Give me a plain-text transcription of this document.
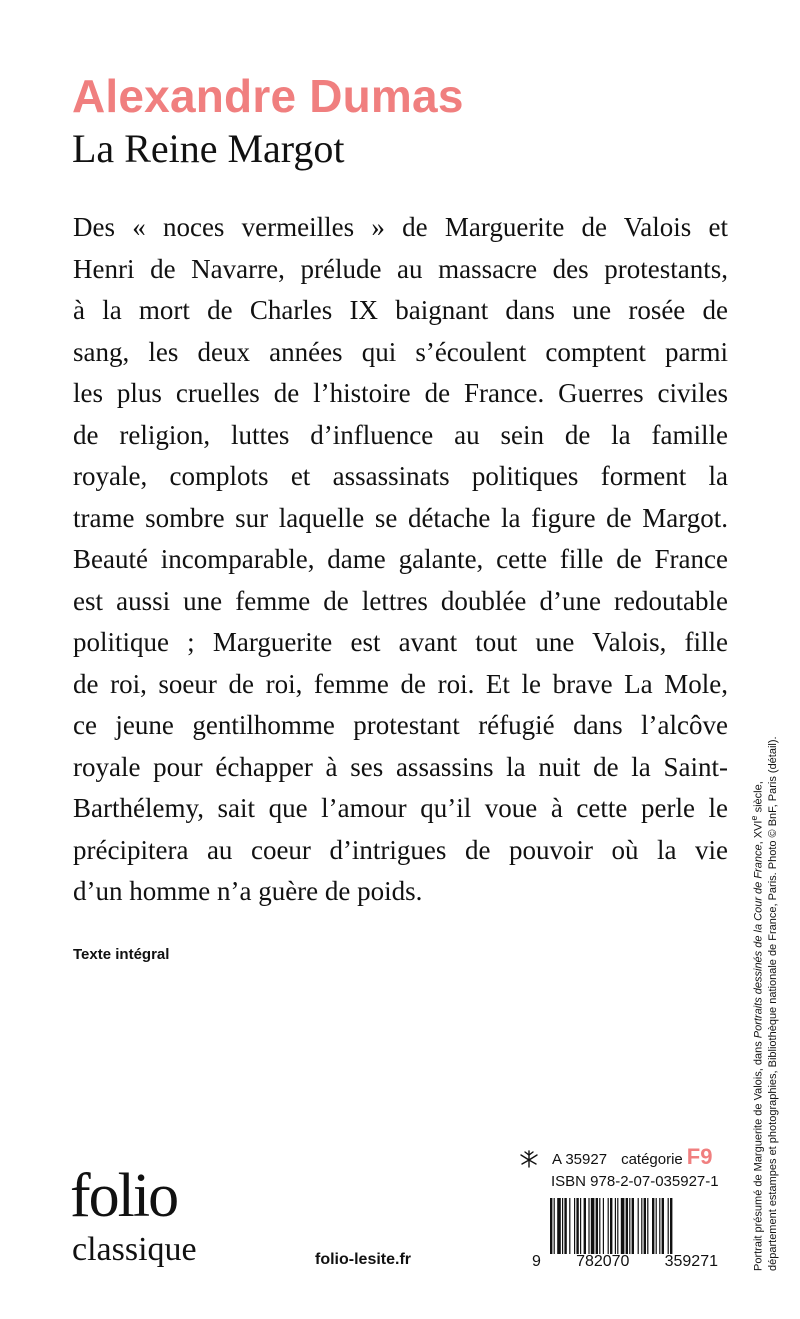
Alexandre Dumas
La Reine Margot
Des « noces vermeilles » de Marguerite de Valois et
Henri de Navarre, prélude au massacre des protestants,
à la mort de Charles IX baignant dans une rosée de
sang, les deux années qui s’écoulent comptent parmi
les plus cruelles de l’histoire de France. Guerres civiles
de religion, luttes d’influence au sein de la famille
royale, complots et assassinats politiques forment la
trame sombre sur laquelle se détache la figure de Margot.
Beauté incomparable, dame galante, cette fille de France
est aussi une femme de lettres doublée d’une redoutable
politique ; Marguerite est avant tout une Valois, fille
de roi, soeur de roi, femme de roi. Et le brave La Mole,
ce jeune gentilhomme protestant réfugié dans l’alcôve
royale pour échapper à ses assassins la nuit de la Saint-
Barthélemy, sait que l’amour qu’il voue à cette perle le
précipitera au coeur d’intrigues de pouvoir où la vie
d’un homme n’a guère de poids.
Texte intégral
folio
classique	folio-lesite.fr
A 35927 catégorie F9
ISBN 978-2-07-035927-1
9 782070 359271	Portrait présumé de Marguerite de Valois, dans Portraits dessinés de la Cour de France, XVIe siècle, département estampes et photographies, Bibliothèque nationale de France, Paris. Photo © BnF, Paris (détail).
